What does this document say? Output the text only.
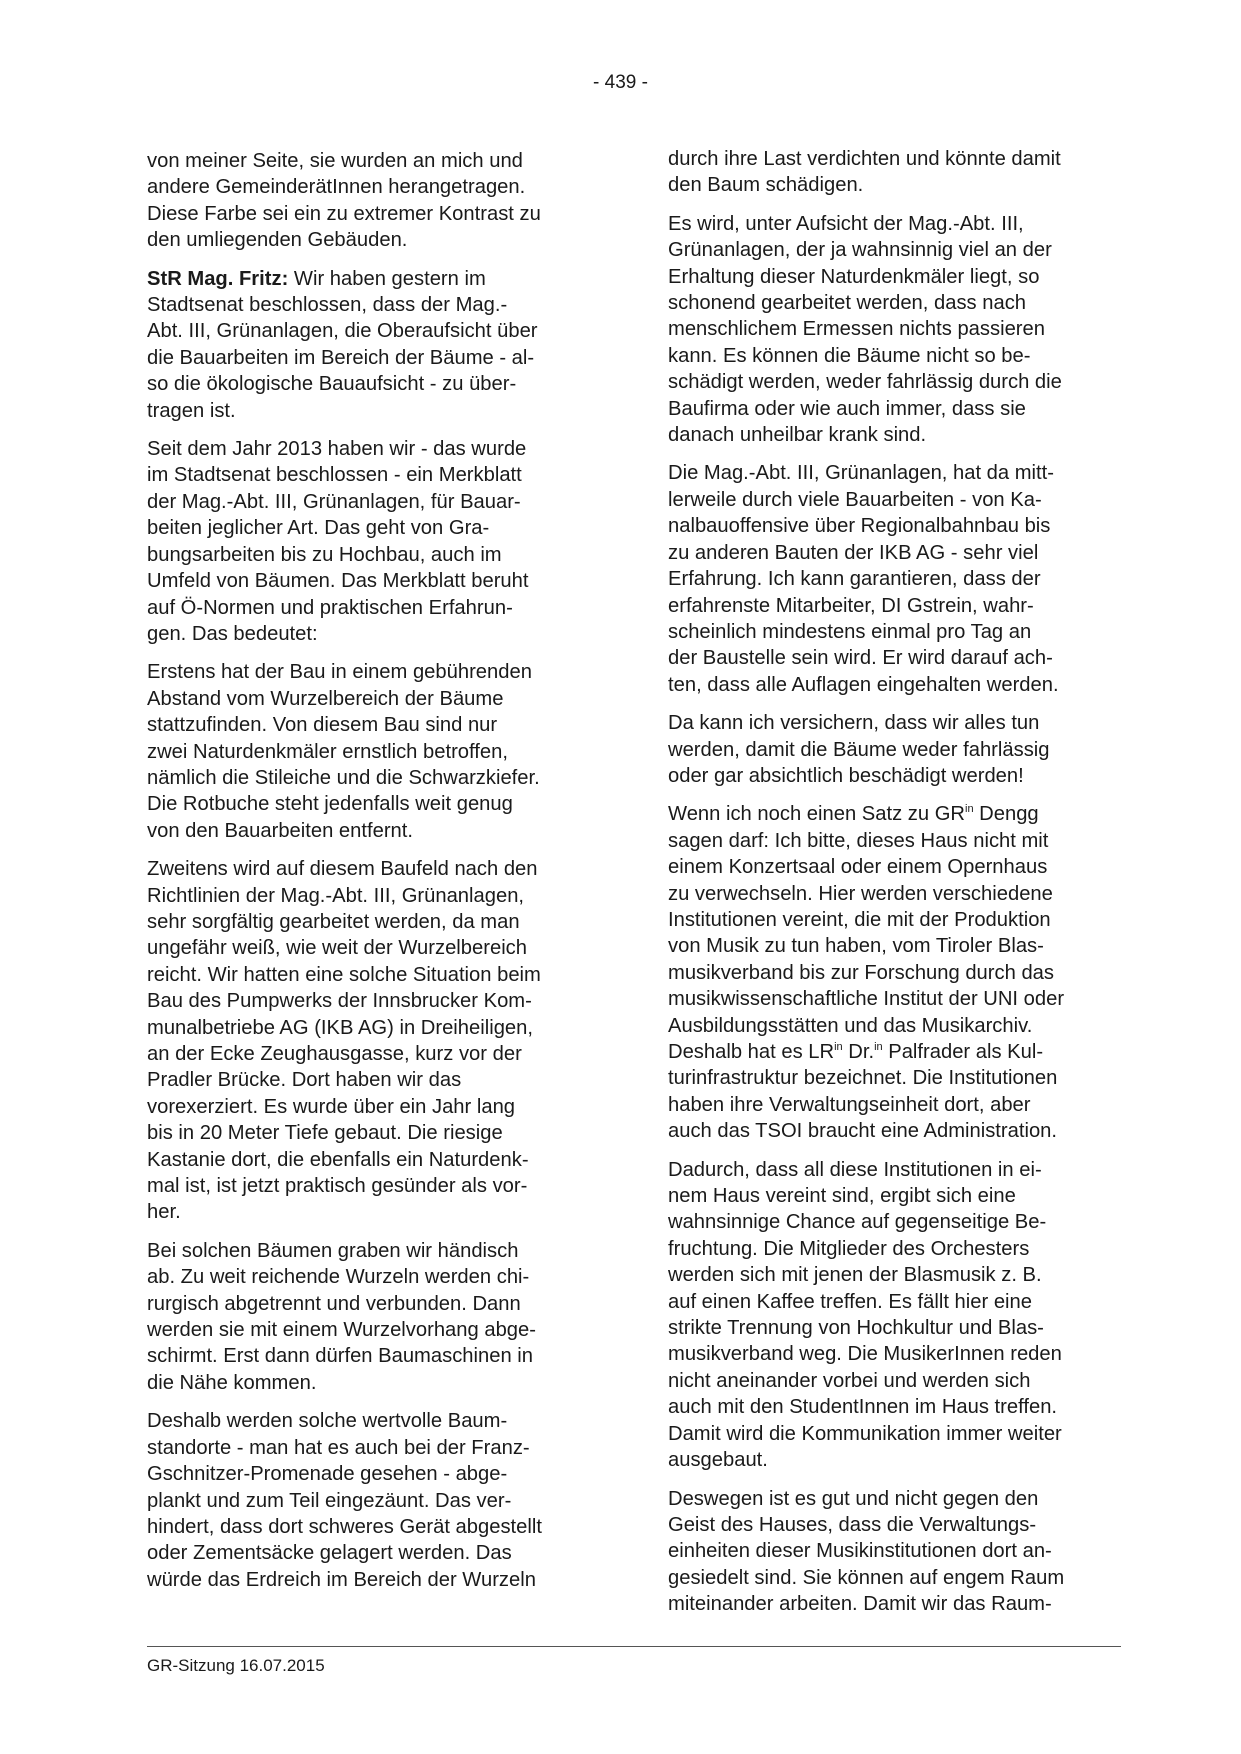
- 439 -

von meiner Seite, sie wurden an mich und
andere GemeinderätInnen herangetragen.
Diese Farbe sei ein zu extremer Kontrast zu
den umliegenden Gebäuden.

StR Mag. Fritz: Wir haben gestern im
Stadtsenat beschlossen, dass der Mag.-
Abt. III, Grünanlagen, die Oberaufsicht über
die Bauarbeiten im Bereich der Bäume - al-
so die ökologische Bauaufsicht - zu über-
tragen ist.

Seit dem Jahr 2013 haben wir - das wurde
im Stadtsenat beschlossen - ein Merkblatt
der Mag.-Abt. III, Grünanlagen, für Bauar-
beiten jeglicher Art. Das geht von Gra-
bungsarbeiten bis zu Hochbau, auch im
Umfeld von Bäumen. Das Merkblatt beruht
auf Ö-Normen und praktischen Erfahrun-
gen. Das bedeutet:

Erstens hat der Bau in einem gebührenden
Abstand vom Wurzelbereich der Bäume
stattzufinden. Von diesem Bau sind nur
zwei Naturdenkmäler ernstlich betroffen,
nämlich die Stileiche und die Schwarzkiefer.
Die Rotbuche steht jedenfalls weit genug
von den Bauarbeiten entfernt.

Zweitens wird auf diesem Baufeld nach den
Richtlinien der Mag.-Abt. III, Grünanlagen,
sehr sorgfältig gearbeitet werden, da man
ungefähr weiß, wie weit der Wurzelbereich
reicht. Wir hatten eine solche Situation beim
Bau des Pumpwerks der Innsbrucker Kom-
munalbetriebe AG (IKB AG) in Dreiheiligen,
an der Ecke Zeughausgasse, kurz vor der
Pradler Brücke. Dort haben wir das
vorexerziert. Es wurde über ein Jahr lang
bis in 20 Meter Tiefe gebaut. Die riesige
Kastanie dort, die ebenfalls ein Naturdenk-
mal ist, ist jetzt praktisch gesünder als vor-
her.

Bei solchen Bäumen graben wir händisch
ab. Zu weit reichende Wurzeln werden chi-
rurgisch abgetrennt und verbunden. Dann
werden sie mit einem Wurzelvorhang abge-
schirmt. Erst dann dürfen Baumaschinen in
die Nähe kommen.

Deshalb werden solche wertvolle Baum-
standorte - man hat es auch bei der Franz-
Gschnitzer-Promenade gesehen - abge-
plankt und zum Teil eingezäunt. Das ver-
hindert, dass dort schweres Gerät abgestellt
oder Zementsäcke gelagert werden. Das
würde das Erdreich im Bereich der Wurzeln

durch ihre Last verdichten und könnte damit
den Baum schädigen.

Es wird, unter Aufsicht der Mag.-Abt. III,
Grünanlagen, der ja wahnsinnig viel an der
Erhaltung dieser Naturdenkmäler liegt, so
schonend gearbeitet werden, dass nach
menschlichem Ermessen nichts passieren
kann. Es können die Bäume nicht so be-
schädigt werden, weder fahrlässig durch die
Baufirma oder wie auch immer, dass sie
danach unheilbar krank sind.

Die Mag.-Abt. III, Grünanlagen, hat da mitt-
lerweile durch viele Bauarbeiten - von Ka-
nalbauoffensive über Regionalbahnbau bis
zu anderen Bauten der IKB AG - sehr viel
Erfahrung. Ich kann garantieren, dass der
erfahrenste Mitarbeiter, DI Gstrein, wahr-
scheinlich mindestens einmal pro Tag an
der Baustelle sein wird. Er wird darauf ach-
ten, dass alle Auflagen eingehalten werden.

Da kann ich versichern, dass wir alles tun
werden, damit die Bäume weder fahrlässig
oder gar absichtlich beschädigt werden!

Wenn ich noch einen Satz zu $GR^{in}$ Dengg
sagen darf: Ich bitte, dieses Haus nicht mit
einem Konzertsaal oder einem Opernhaus
zu verwechseln. Hier werden verschiedene
Institutionen vereint, die mit der Produktion
von Musik zu tun haben, vom Tiroler Blas-
musikverband bis zur Forschung durch das
musikwissenschaftliche Institut der UNI oder
Ausbildungsstätten und das Musikarchiv.
Deshalb hat es $LR^{in}$ Dr.$^{in}$ Palfrader als Kul-
turinfrastruktur bezeichnet. Die Institutionen
haben ihre Verwaltungseinheit dort, aber
auch das TSOI braucht eine Administration.

Dadurch, dass all diese Institutionen in ei-
nem Haus vereint sind, ergibt sich eine
wahnsinnige Chance auf gegenseitige Be-
fruchtung. Die Mitglieder des Orchesters
werden sich mit jenen der Blasmusik z. B.
auf einen Kaffee treffen. Es fällt hier eine
strikte Trennung von Hochkultur und Blas-
musikverband weg. Die MusikerInnen reden
nicht aneinander vorbei und werden sich
auch mit den StudentInnen im Haus treffen.
Damit wird die Kommunikation immer weiter
ausgebaut.

Deswegen ist es gut und nicht gegen den
Geist des Hauses, dass die Verwaltungs-
einheiten dieser Musikinstitutionen dort an-
gesiedelt sind. Sie können auf engem Raum
miteinander arbeiten. Damit wir das Raum-

GR-Sitzung 16.07.2015
